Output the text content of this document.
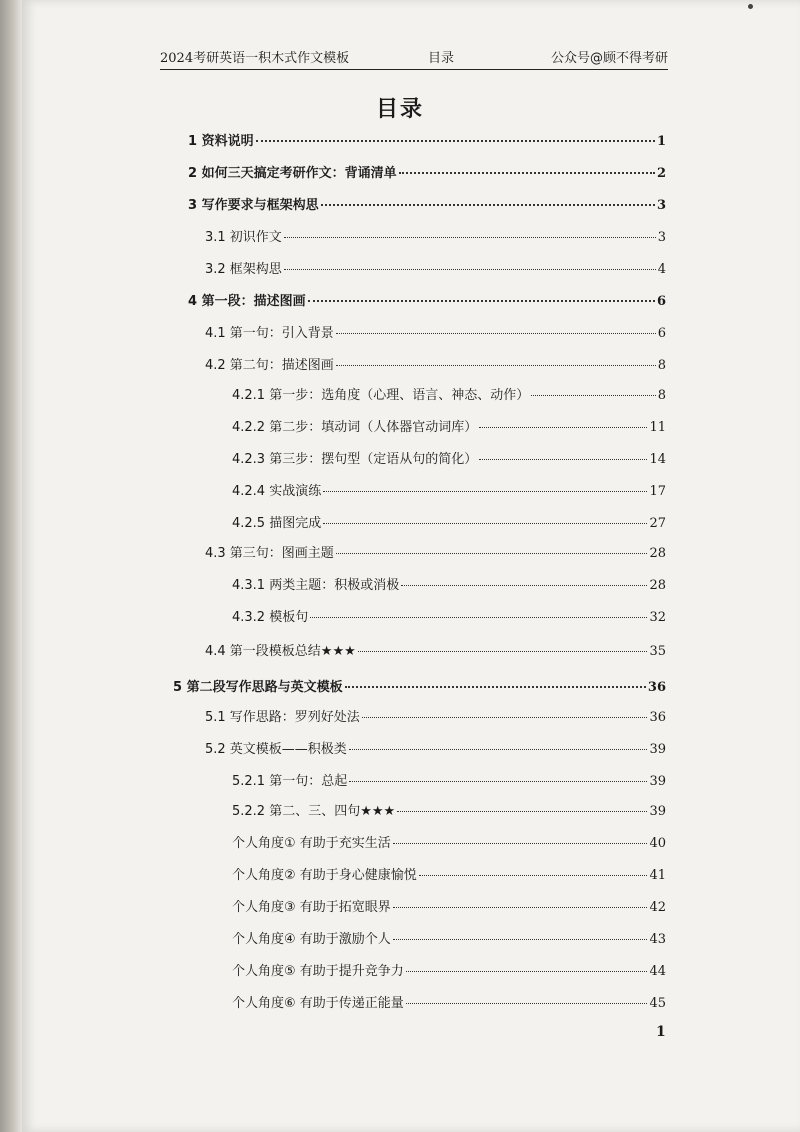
2024考研英语一积木式作文模板	目录	公众号@顾不得考研
目录
1 资料说明	1
2 如何三天搞定考研作文：背诵清单	2
3 写作要求与框架构思	3
3.1 初识作文	3
3.2 框架构思	4
4 第一段：描述图画	6
4.1 第一句：引入背景	6
4.2 第二句：描述图画	8
4.2.1 第一步：选角度（心理、语言、神态、动作）	8
4.2.2 第二步：填动词（人体器官动词库）	11
4.2.3 第三步：摆句型（定语从句的简化）	14
4.2.4 实战演练	17
4.2.5 描图完成	27
4.3 第三句：图画主题	28
4.3.1 两类主题：积极或消极	28
4.3.2 模板句	32
4.4 第一段模板总结★★★	35
5 第二段写作思路与英文模板	36
5.1 写作思路：罗列好处法	36
5.2 英文模板——积极类	39
5.2.1 第一句：总起	39
5.2.2 第二、三、四句★★★	39
个人角度① 有助于充实生活	40
个人角度② 有助于身心健康愉悦	41
个人角度③ 有助于拓宽眼界	42
个人角度④ 有助于激励个人	43
个人角度⑤ 有助于提升竞争力	44
个人角度⑥ 有助于传递正能量	45
1
